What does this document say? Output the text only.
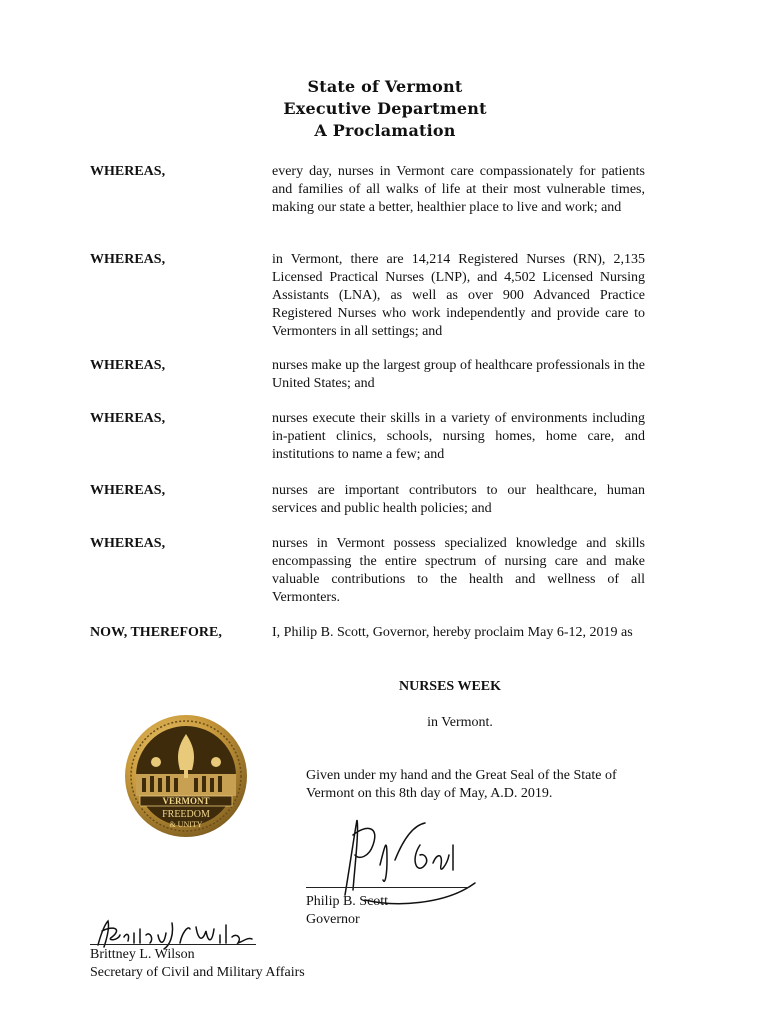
State of Vermont
Executive Department
A Proclamation
WHEREAS,	every day, nurses in Vermont care compassionately for patients and families of all walks of life at their most vulnerable times, making our state a better, healthier place to live and work; and
WHEREAS,	in Vermont, there are 14,214 Registered Nurses (RN), 2,135 Licensed Practical Nurses (LNP), and 4,502 Licensed Nursing Assistants (LNA), as well as over 900 Advanced Practice Registered Nurses who work independently and provide care to Vermonters in all settings; and
WHEREAS,	nurses make up the largest group of healthcare professionals in the United States; and
WHEREAS,	nurses execute their skills in a variety of environments including in-patient clinics, schools, nursing homes, home care, and institutions to name a few; and
WHEREAS,	nurses are important contributors to our healthcare, human services and public health policies; and
WHEREAS,	nurses in Vermont possess specialized knowledge and skills encompassing the entire spectrum of nursing care and make valuable contributions to the health and wellness of all Vermonters.
NOW, THEREFORE,	I, Philip B. Scott, Governor, hereby proclaim May 6-12, 2019 as
NURSES WEEK
in Vermont.
VERMONT
FREEDOM
& UNITY
Given under my hand and the Great Seal of the State of Vermont on this 8th day of May, A.D. 2019.
Philip B. Scott
Governor
Brittney L. Wilson
Secretary of Civil and Military Affairs
